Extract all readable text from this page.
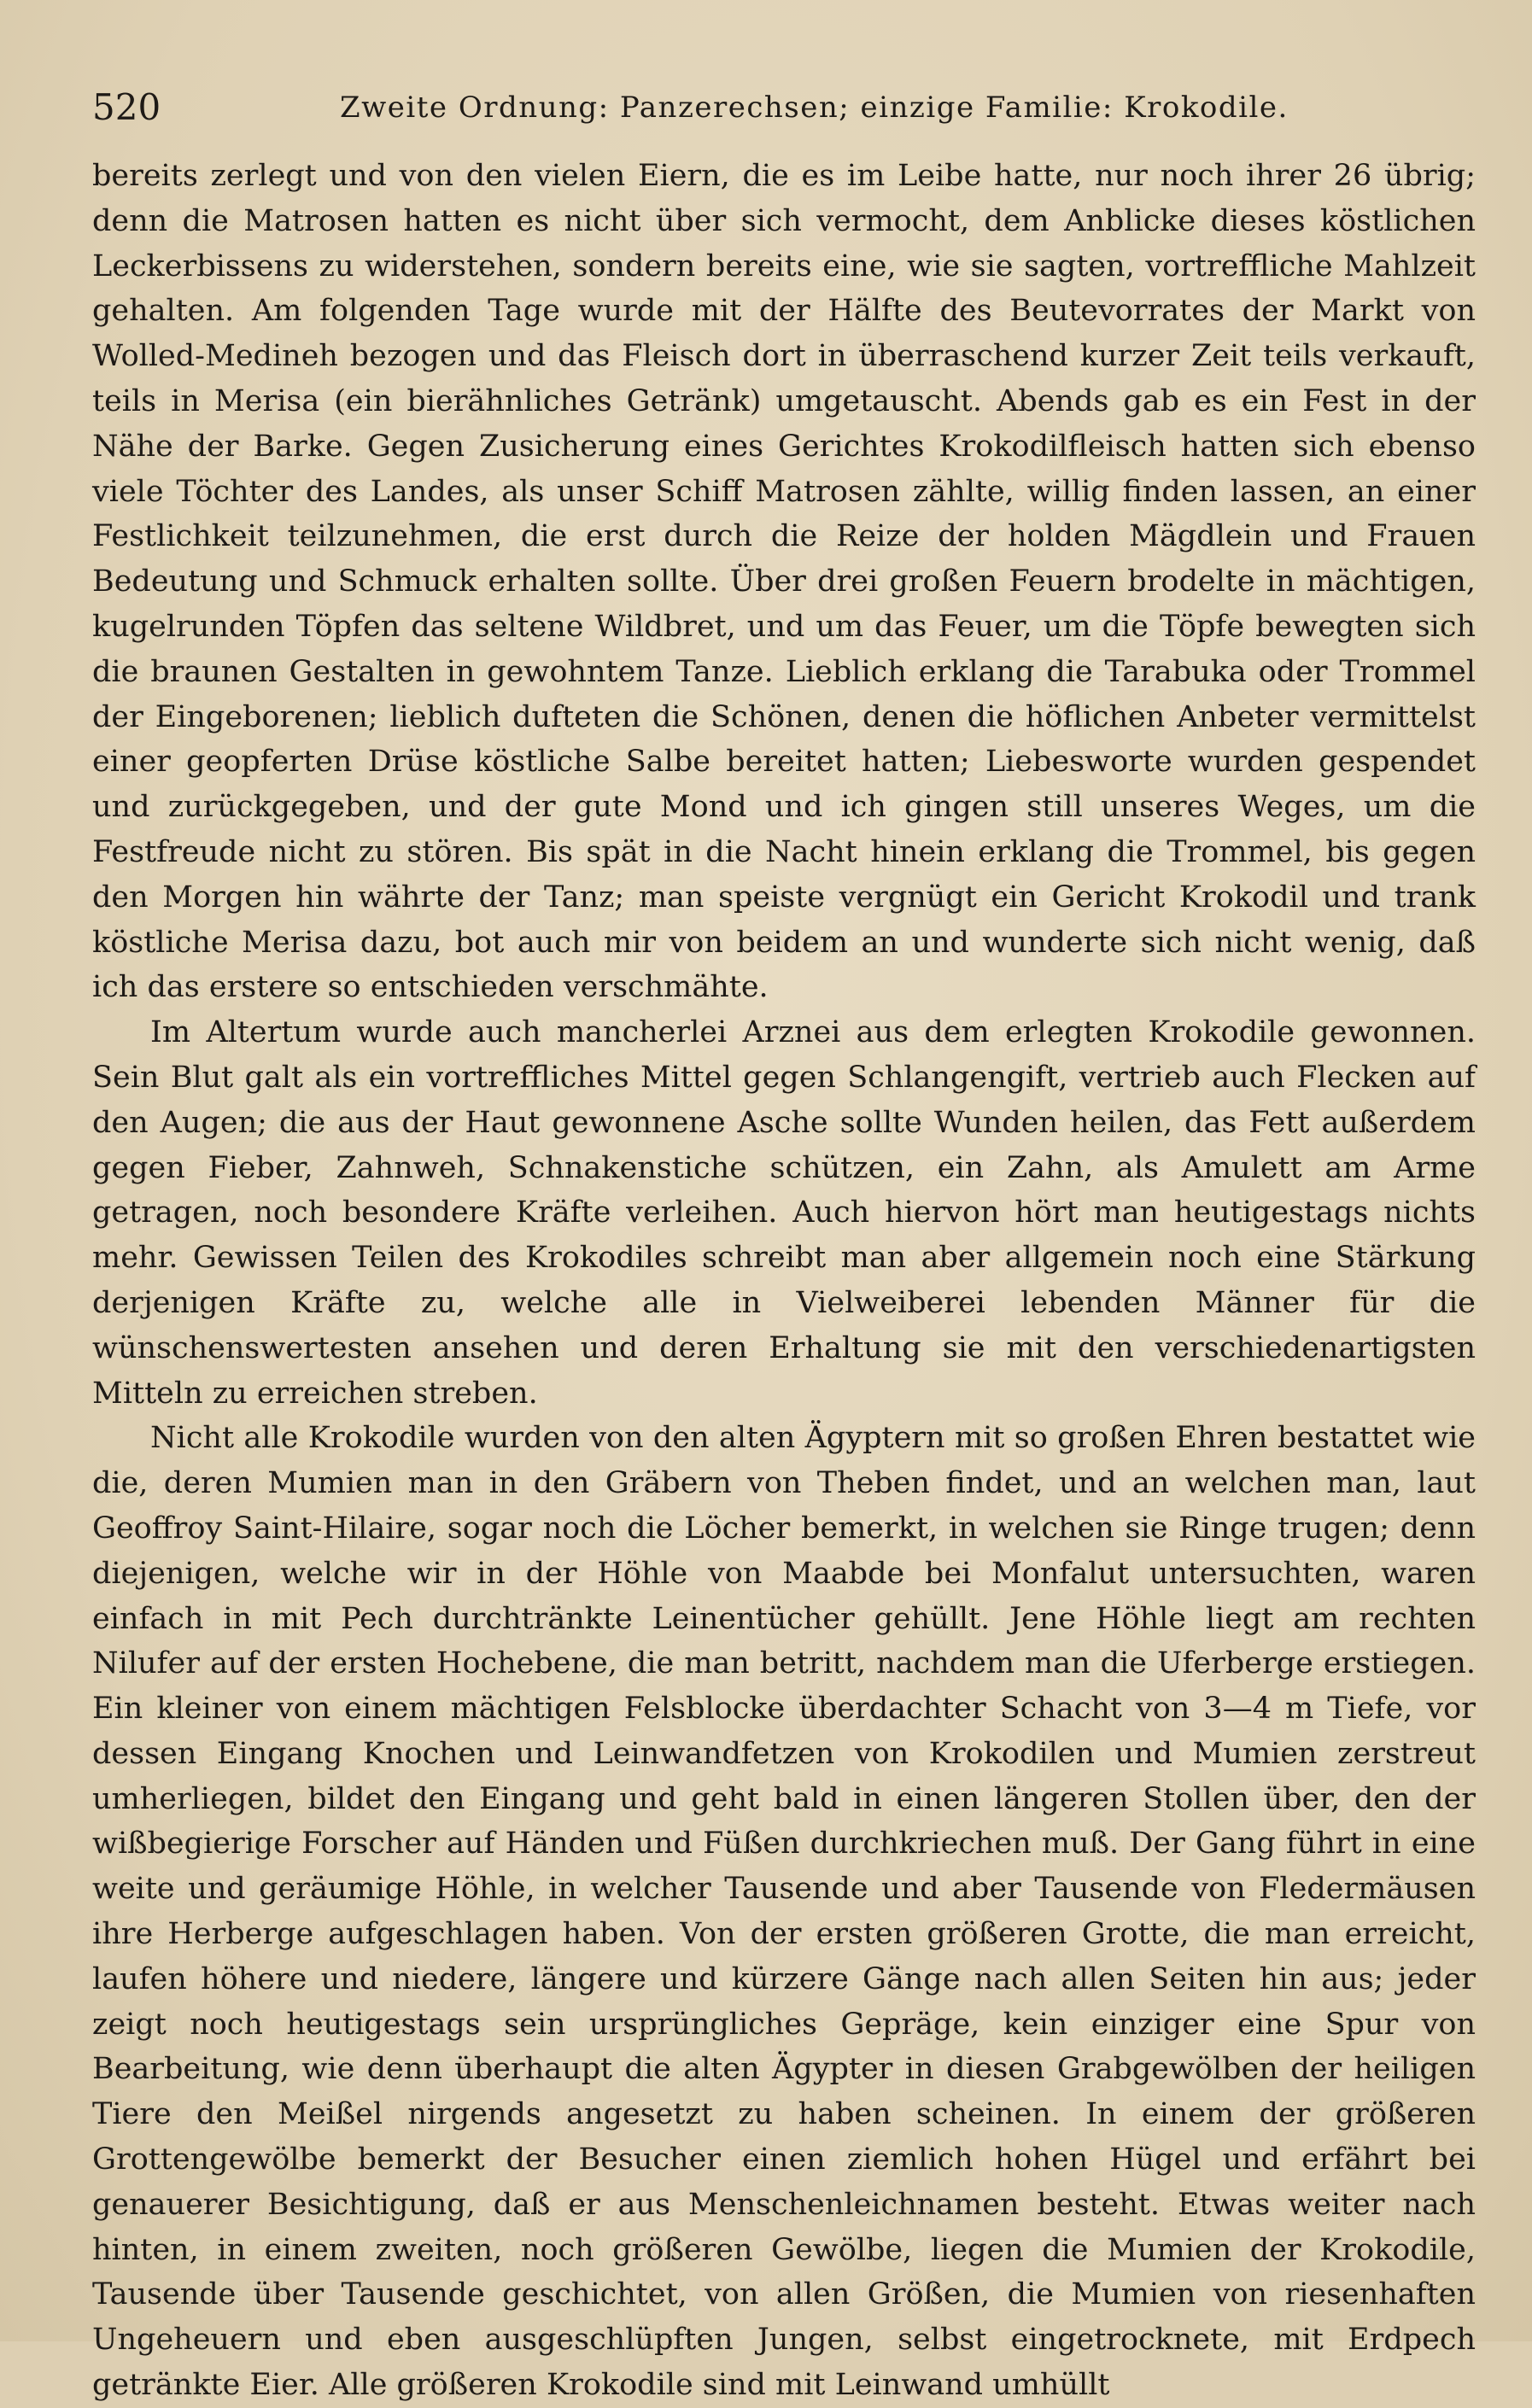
520	Zweite Ordnung: Panzerechsen; einzige Familie: Krokodile.

bereits zerlegt und von den vielen Eiern, die es im Leibe hatte, nur noch ihrer 26 übrig; denn die Matrosen hatten es nicht über sich vermocht, dem Anblicke dieses köstlichen Leckerbissens zu widerstehen, sondern bereits eine, wie sie sagten, vortreffliche Mahlzeit gehalten. Am folgenden Tage wurde mit der Hälfte des Beutevorrates der Markt von Wolled-Medineh bezogen und das Fleisch dort in überraschend kurzer Zeit teils verkauft, teils in Merisa (ein bierähnliches Getränk) umgetauscht. Abends gab es ein Fest in der Nähe der Barke. Gegen Zusicherung eines Gerichtes Krokodilfleisch hatten sich ebenso viele Töchter des Landes, als unser Schiff Matrosen zählte, willig finden lassen, an einer Festlichkeit teilzunehmen, die erst durch die Reize der holden Mägdlein und Frauen Bedeutung und Schmuck erhalten sollte. Über drei großen Feuern brodelte in mächtigen, kugelrunden Töpfen das seltene Wildbret, und um das Feuer, um die Töpfe bewegten sich die braunen Gestalten in gewohntem Tanze. Lieblich erklang die Tarabuka oder Trommel der Eingeborenen; lieblich dufteten die Schönen, denen die höflichen Anbeter vermittelst einer geopferten Drüse köstliche Salbe bereitet hatten; Liebesworte wurden gespendet und zurückgegeben, und der gute Mond und ich gingen still unseres Weges, um die Festfreude nicht zu stören. Bis spät in die Nacht hinein erklang die Trommel, bis gegen den Morgen hin währte der Tanz; man speiste vergnügt ein Gericht Krokodil und trank köstliche Merisa dazu, bot auch mir von beidem an und wunderte sich nicht wenig, daß ich das erstere so entschieden verschmähte.

Im Altertum wurde auch mancherlei Arznei aus dem erlegten Krokodile gewonnen. Sein Blut galt als ein vortreffliches Mittel gegen Schlangengift, vertrieb auch Flecken auf den Augen; die aus der Haut gewonnene Asche sollte Wunden heilen, das Fett außerdem gegen Fieber, Zahnweh, Schnakenstiche schützen, ein Zahn, als Amulett am Arme getragen, noch besondere Kräfte verleihen. Auch hiervon hört man heutigestags nichts mehr. Gewissen Teilen des Krokodiles schreibt man aber allgemein noch eine Stärkung derjenigen Kräfte zu, welche alle in Vielweiberei lebenden Männer für die wünschenswertesten ansehen und deren Erhaltung sie mit den verschiedenartigsten Mitteln zu erreichen streben.

Nicht alle Krokodile wurden von den alten Ägyptern mit so großen Ehren bestattet wie die, deren Mumien man in den Gräbern von Theben findet, und an welchen man, laut Geoffroy Saint-Hilaire, sogar noch die Löcher bemerkt, in welchen sie Ringe trugen; denn diejenigen, welche wir in der Höhle von Maabde bei Monfalut untersuchten, waren einfach in mit Pech durchtränkte Leinentücher gehüllt. Jene Höhle liegt am rechten Nilufer auf der ersten Hochebene, die man betritt, nachdem man die Uferberge erstiegen. Ein kleiner von einem mächtigen Felsblocke überdachter Schacht von 3—4 m Tiefe, vor dessen Eingang Knochen und Leinwandfetzen von Krokodilen und Mumien zerstreut umherliegen, bildet den Eingang und geht bald in einen längeren Stollen über, den der wißbegierige Forscher auf Händen und Füßen durchkriechen muß. Der Gang führt in eine weite und geräumige Höhle, in welcher Tausende und aber Tausende von Fledermäusen ihre Herberge aufgeschlagen haben. Von der ersten größeren Grotte, die man erreicht, laufen höhere und niedere, längere und kürzere Gänge nach allen Seiten hin aus; jeder zeigt noch heutigestags sein ursprüngliches Gepräge, kein einziger eine Spur von Bearbeitung, wie denn überhaupt die alten Ägypter in diesen Grabgewölben der heiligen Tiere den Meißel nirgends angesetzt zu haben scheinen. In einem der größeren Grottengewölbe bemerkt der Besucher einen ziemlich hohen Hügel und erfährt bei genauerer Besichtigung, daß er aus Menschenleichnamen besteht. Etwas weiter nach hinten, in einem zweiten, noch größeren Gewölbe, liegen die Mumien der Krokodile, Tausende über Tausende geschichtet, von allen Größen, die Mumien von riesenhaften Ungeheuern und eben ausgeschlüpften Jungen, selbst eingetrocknete, mit Erdpech getränkte Eier. Alle größeren Krokodile sind mit Leinwand umhüllt
